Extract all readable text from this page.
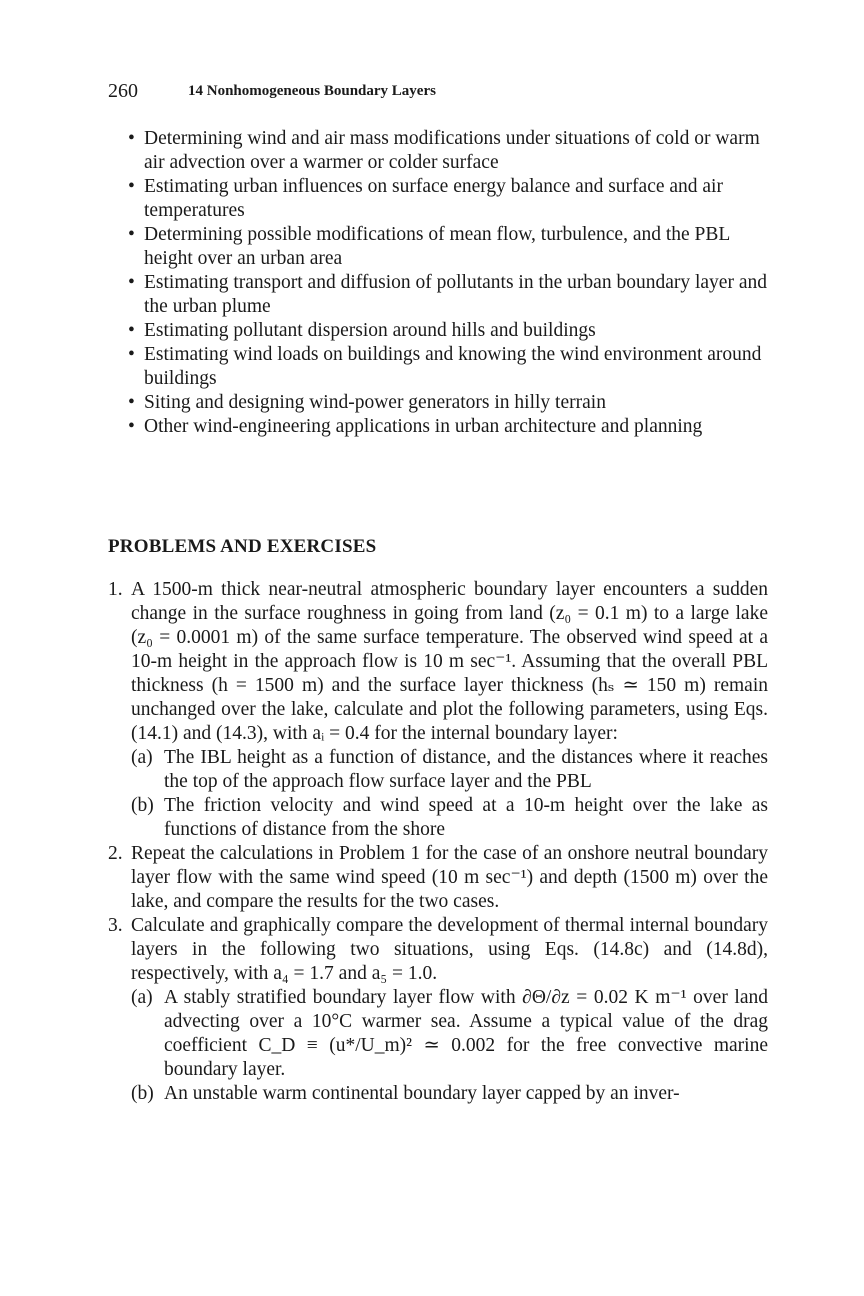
260	14 Nonhomogeneous Boundary Layers
• Determining wind and air mass modifications under situations of cold or warm air advection over a warmer or colder surface
• Estimating urban influences on surface energy balance and surface and air temperatures
• Determining possible modifications of mean flow, turbulence, and the PBL height over an urban area
• Estimating transport and diffusion of pollutants in the urban boundary layer and the urban plume
• Estimating pollutant dispersion around hills and buildings
• Estimating wind loads on buildings and knowing the wind environment around buildings
• Siting and designing wind-power generators in hilly terrain
• Other wind-engineering applications in urban architecture and planning
PROBLEMS AND EXERCISES
1. A 1500-m thick near-neutral atmospheric boundary layer encounters a sudden change in the surface roughness in going from land (z₀ = 0.1 m) to a large lake (z₀ = 0.0001 m) of the same surface temperature. The observed wind speed at a 10-m height in the approach flow is 10 m sec⁻¹. Assuming that the overall PBL thickness (h = 1500 m) and the surface layer thickness (hₛ ≃ 150 m) remain unchanged over the lake, calculate and plot the following parameters, using Eqs. (14.1) and (14.3), with aᵢ = 0.4 for the internal boundary layer:
(a) The IBL height as a function of distance, and the distances where it reaches the top of the approach flow surface layer and the PBL
(b) The friction velocity and wind speed at a 10-m height over the lake as functions of distance from the shore
2. Repeat the calculations in Problem 1 for the case of an onshore neutral boundary layer flow with the same wind speed (10 m sec⁻¹) and depth (1500 m) over the lake, and compare the results for the two cases.
3. Calculate and graphically compare the development of thermal internal boundary layers in the following two situations, using Eqs. (14.8c) and (14.8d), respectively, with a₄ = 1.7 and a₅ = 1.0.
(a) A stably stratified boundary layer flow with ∂Θ/∂z = 0.02 K m⁻¹ over land advecting over a 10°C warmer sea. Assume a typical value of the drag coefficient C_D ≡ (u*/U_m)² ≃ 0.002 for the free convective marine boundary layer.
(b) An unstable warm continental boundary layer capped by an inver-
